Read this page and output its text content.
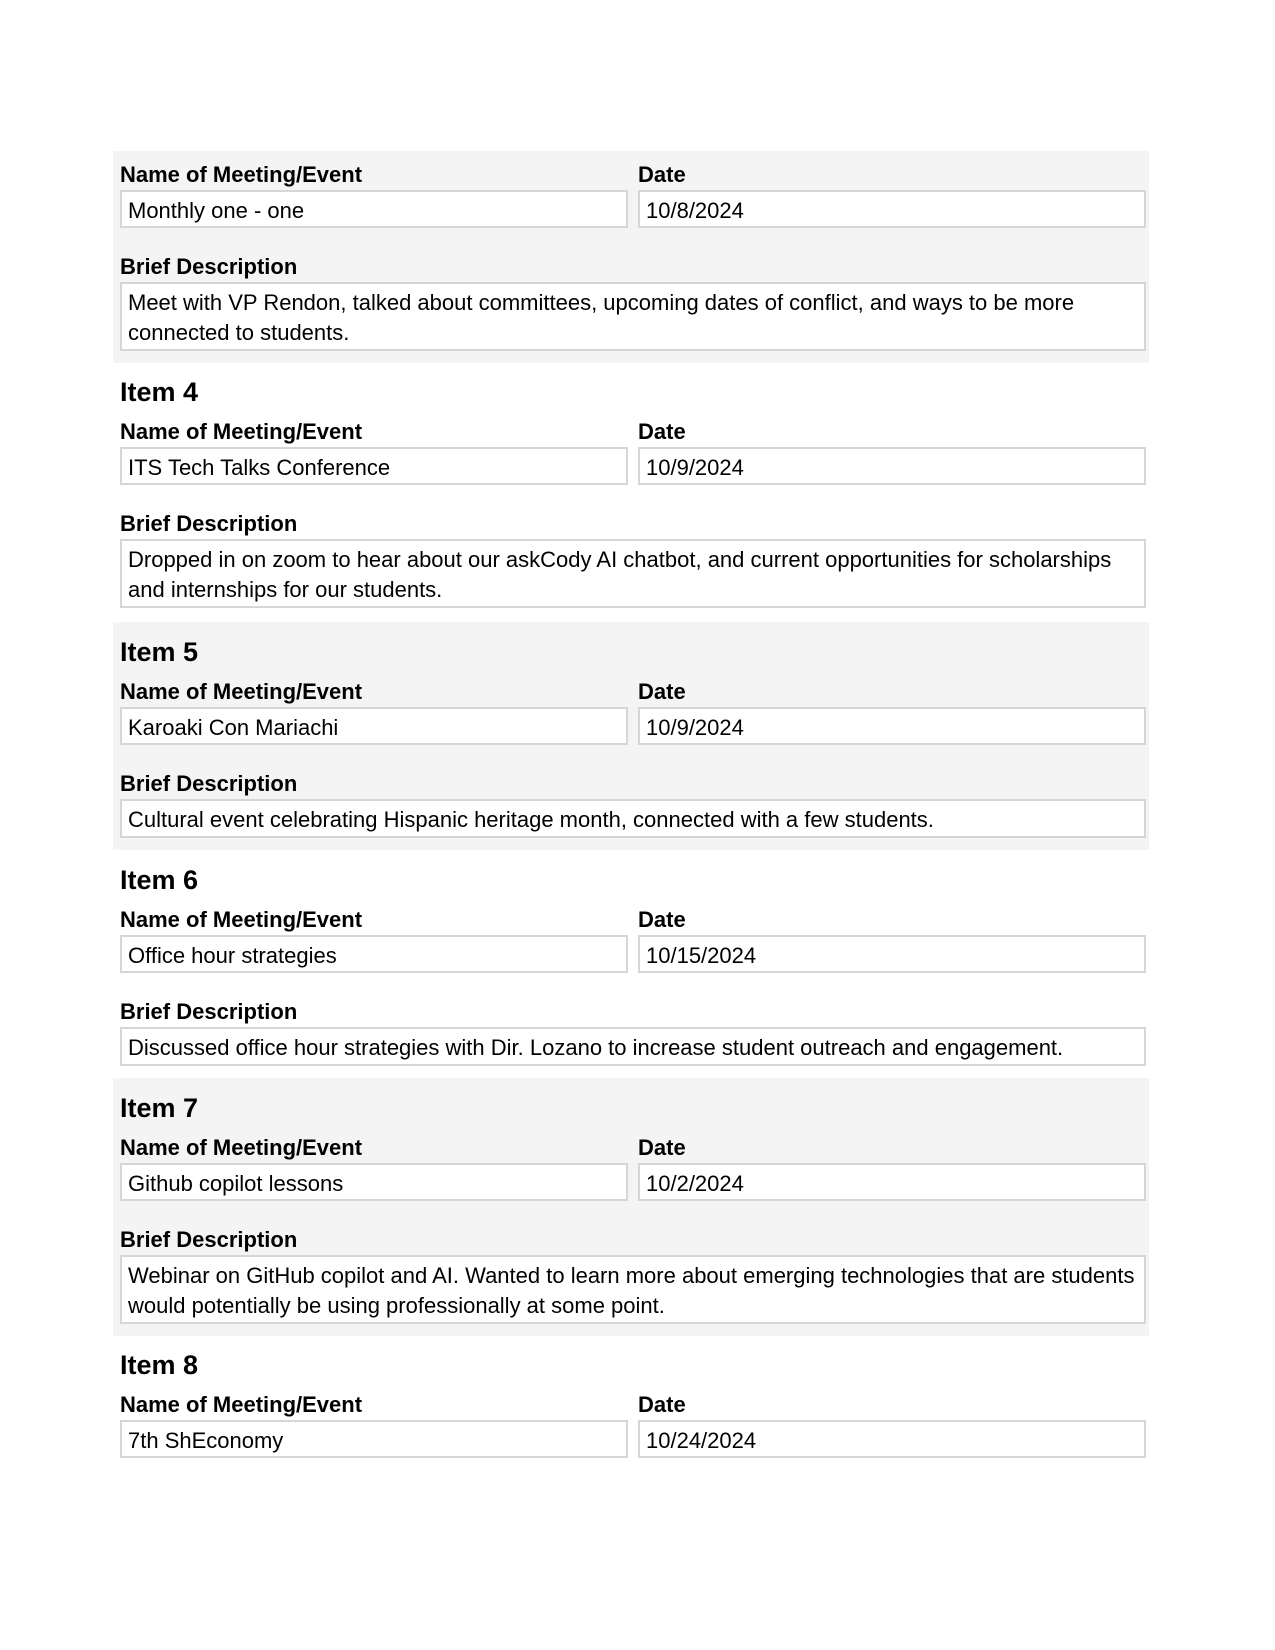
Name of Meeting/Event	Date
Monthly one - one	10/8/2024
Brief Description
Meet with VP Rendon, talked about committees, upcoming dates of conflict, and ways to be more connected to students.
Item 4
Name of Meeting/Event	Date
ITS Tech Talks Conference	10/9/2024
Brief Description
Dropped in on zoom to hear about our askCody AI chatbot, and current opportunities for scholarships and internships for our students.
Item 5
Name of Meeting/Event	Date
Karoaki Con Mariachi	10/9/2024
Brief Description
Cultural event celebrating Hispanic heritage month, connected with a few students.
Item 6
Name of Meeting/Event	Date
Office hour strategies	10/15/2024
Brief Description
Discussed office hour strategies with Dir. Lozano to increase student outreach and engagement.
Item 7
Name of Meeting/Event	Date
Github copilot lessons	10/2/2024
Brief Description
Webinar on GitHub copilot and AI. Wanted to learn more about emerging technologies that are students would potentially be using professionally at some point.
Item 8
Name of Meeting/Event	Date
7th ShEconomy	10/24/2024
